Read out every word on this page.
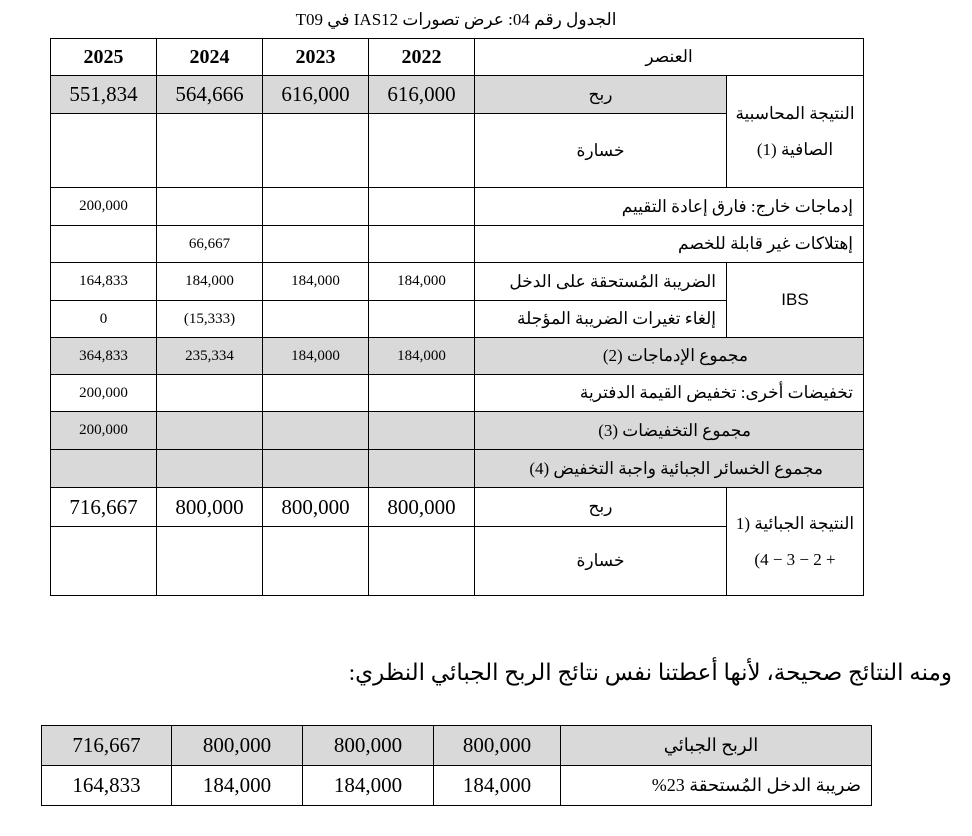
الجدول رقم 04: عرض تصورات IAS12 في T09
2025	2024	2023	2022	العنصر	
551,834	564,666	616,000	616,000	ربح	النتيجة المحاسبية الصافية (1)
				خسارة	
200,000				إدماجات خارج: فارق إعادة التقييم	
	66,667			إهتلاكات غير قابلة للخصم	
164,833	184,000	184,000	184,000	الضريبة المُستحقة على الدخل	IBS
0	(15,333)			إلغاء تغيرات الضريبة المؤجلة	
364,833	235,334	184,000	184,000	مجموع الإدماجات (2)	
200,000				تخفيضات أخرى: تخفيض القيمة الدفترية	
200,000				مجموع التخفيضات (3)	
				مجموع الخسائر الجبائية واجبة التخفيض (4)	
716,667	800,000	800,000	800,000	ربح	النتيجة الجبائية (1 + 2 − 3 − 4)
				خسارة	
ومنه النتائج صحيحة، لأنها أعطتنا نفس نتائج الربح الجبائي النظري:
716,667	800,000	800,000	800,000	الربح الجبائي
164,833	184,000	184,000	184,000	ضريبة الدخل المُستحقة 23%
